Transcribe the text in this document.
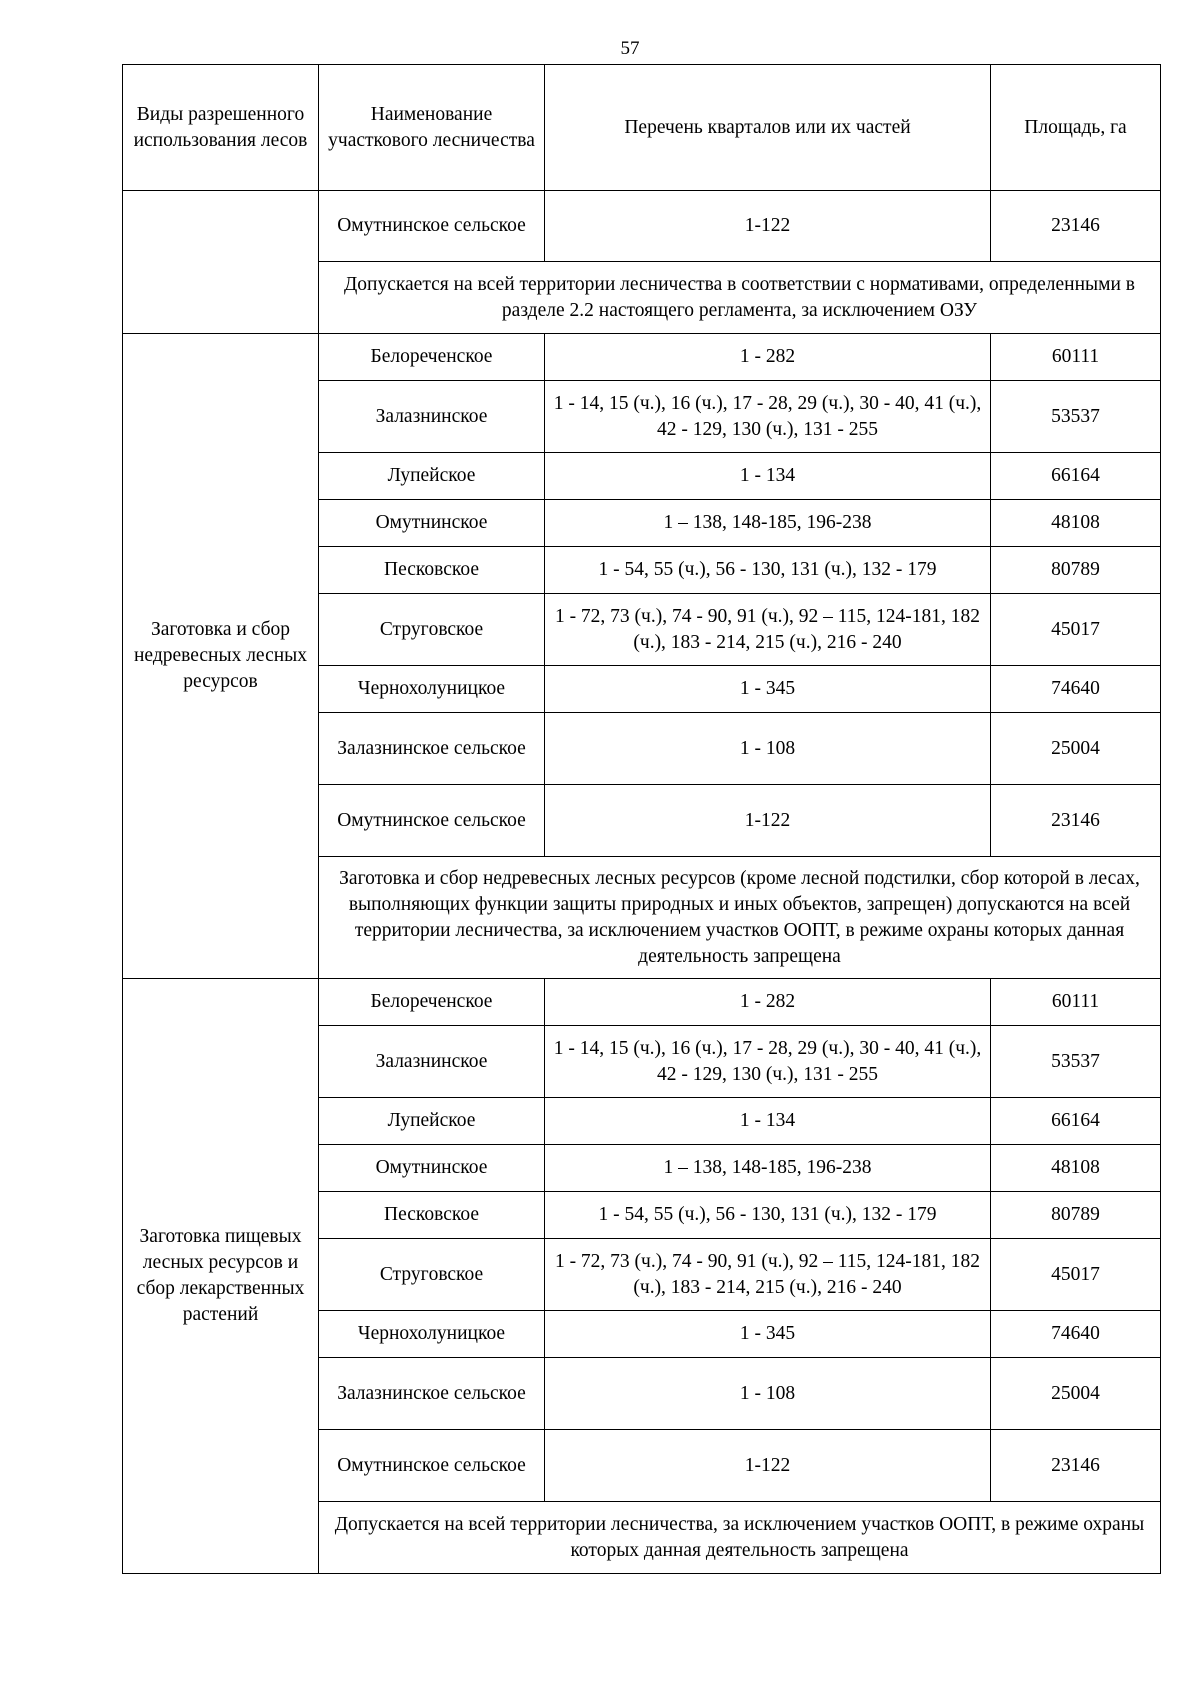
57
Виды разрешенного использования лесов	Наименование участкового лесничества	Перечень кварталов или их частей	Площадь, га
	Омутнинское сельское	1-122	23146
	Допускается на всей территории лесничества в соответствии с нормативами, определенными в разделе 2.2 настоящего регламента, за исключением ОЗУ		
Заготовка и сбор недревесных лесных ресурсов	Белореченское	1 - 282	60111
	Залазнинское	1 - 14, 15 (ч.), 16 (ч.), 17 - 28, 29 (ч.), 30 - 40, 41 (ч.), 42 - 129, 130 (ч.), 131 - 255	53537
	Лупейское	1 - 134	66164
	Омутнинское	1 – 138, 148-185, 196-238	48108
	Песковское	1 - 54, 55 (ч.), 56 - 130, 131 (ч.), 132 - 179	80789
	Стругoвское	1 - 72, 73 (ч.), 74 - 90, 91 (ч.), 92 – 115, 124-181, 182 (ч.), 183 - 214, 215 (ч.), 216 - 240	45017
	Чернохолуницкое	1 - 345	74640
	Залазнинское сельское	1 - 108	25004
	Омутнинское сельское	1-122	23146
	Заготовка и сбор недревесных лесных ресурсов (кроме лесной подстилки, сбор которой в лесах, выполняющих функции защиты природных и иных объектов, запрещен) допускаются на всей территории лесничества, за исключением участков ООПТ, в режиме охраны которых данная деятельность запрещена		
Заготовка пищевых лесных ресурсов и сбор лекарственных растений	Белореченское	1 - 282	60111
	Залазнинское	1 - 14, 15 (ч.), 16 (ч.), 17 - 28, 29 (ч.), 30 - 40, 41 (ч.), 42 - 129, 130 (ч.), 131 - 255	53537
	Лупейское	1 - 134	66164
	Омутнинское	1 – 138, 148-185, 196-238	48108
	Песковское	1 - 54, 55 (ч.), 56 - 130, 131 (ч.), 132 - 179	80789
	Стругoвское	1 - 72, 73 (ч.), 74 - 90, 91 (ч.), 92 – 115, 124-181, 182 (ч.), 183 - 214, 215 (ч.), 216 - 240	45017
	Чернохолуницкое	1 - 345	74640
	Залазнинское сельское	1 - 108	25004
	Омутнинское сельское	1-122	23146
	Допускается на всей территории лесничества, за исключением участков ООПТ, в режиме охраны которых данная деятельность запрещена		
